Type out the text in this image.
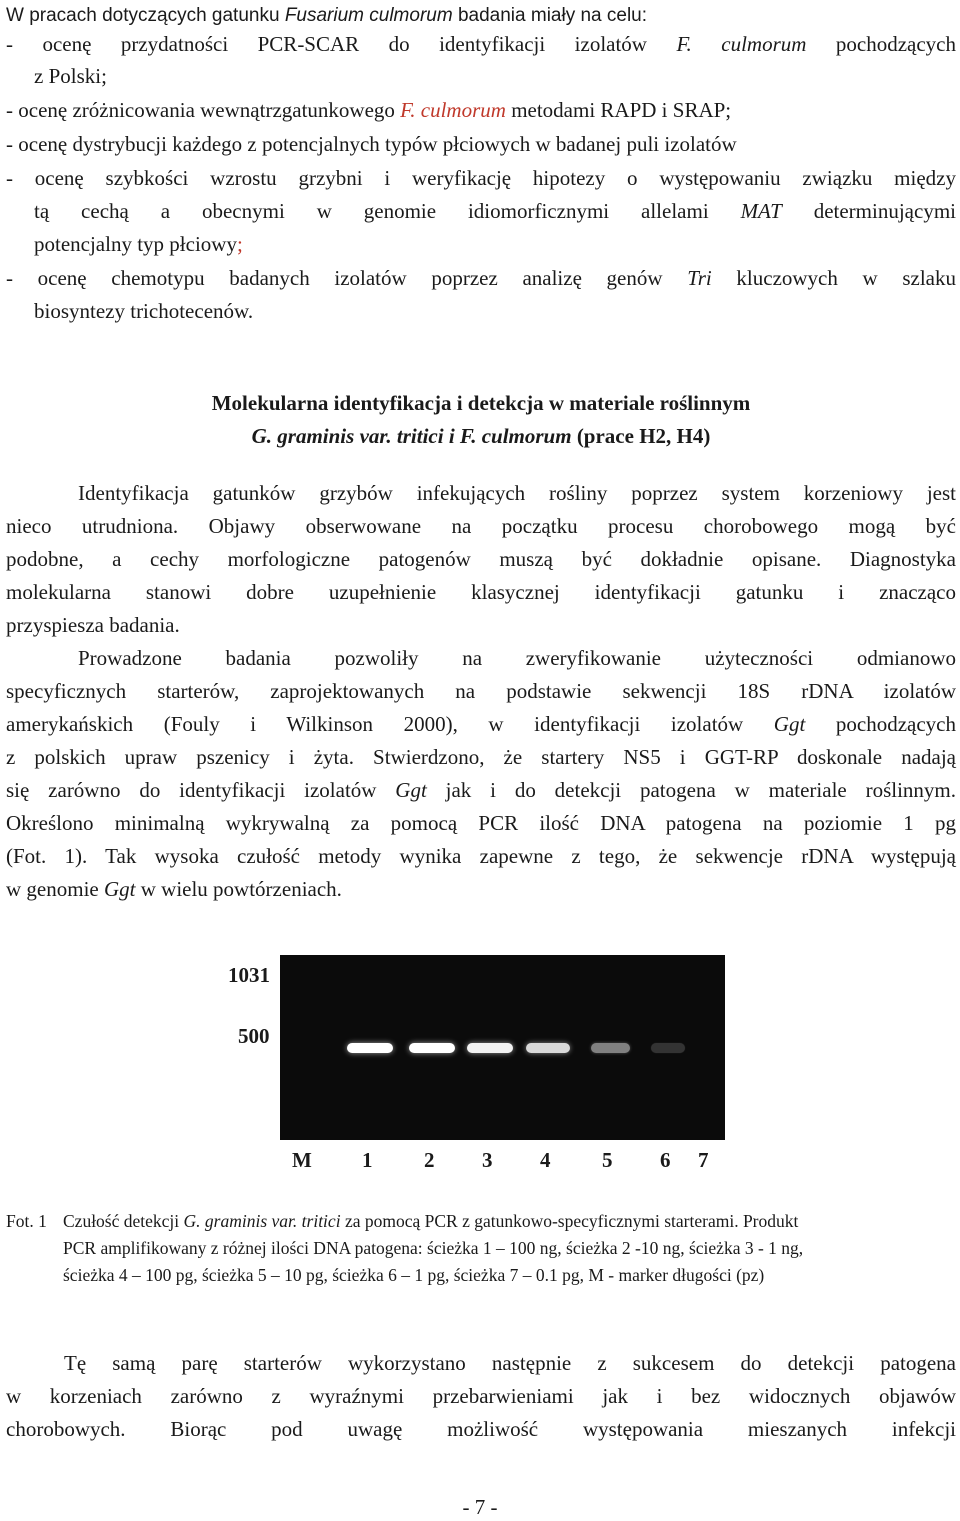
W pracach dotyczących gatunku Fusarium culmorum badania miały na celu:
- ocenę przydatności PCR-SCAR do identyfikacji izolatów F. culmorum pochodzących
z Polski;
- ocenę zróżnicowania wewnątrzgatunkowego F. culmorum metodami RAPD i SRAP;
- ocenę dystrybucji każdego z potencjalnych typów płciowych w badanej puli izolatów
- ocenę szybkości wzrostu grzybni i weryfikację hipotezy o występowaniu związku między
tą cechą a obecnymi w genomie idiomorficznymi allelami MAT determinującymi
potencjalny typ płciowy;
- ocenę chemotypu badanych izolatów poprzez analizę genów Tri kluczowych w szlaku
biosyntezy trichotecenów.
Molekularna identyfikacja i detekcja w materiale roślinnym
G. graminis var. tritici i F. culmorum (prace H2, H4)
Identyfikacja gatunków grzybów infekujących rośliny poprzez system korzeniowy jest
nieco utrudniona. Objawy obserwowane na początku procesu chorobowego mogą być
podobne, a cechy morfologiczne patogenów muszą być dokładnie opisane. Diagnostyka
molekularna stanowi dobre uzupełnienie klasycznej identyfikacji gatunku i znacząco
przyspiesza badania.
Prowadzone badania pozwoliły na zweryfikowanie użyteczności odmianowo
specyficznych starterów, zaprojektowanych na podstawie sekwencji 18S rDNA izolatów
amerykańskich (Fouly i Wilkinson 2000), w identyfikacji izolatów Ggt pochodzących
z polskich upraw pszenicy i żyta. Stwierdzono, że startery NS5 i GGT-RP doskonale nadają
się zarówno do identyfikacji izolatów Ggt jak i do detekcji patogena w materiale roślinnym.
Określono minimalną wykrywalną za pomocą PCR ilość DNA patogena na poziomie 1 pg
(Fot. 1). Tak wysoka czułość metody wynika zapewne z tego, że sekwencje rDNA występują
w genomie Ggt w wielu powtórzeniach.
1031
500
M 1 2 3 4 5 6 7
Fot. 1 Czułość detekcji G. graminis var. tritici za pomocą PCR z gatunkowo-specyficznymi starterami. Produkt
PCR amplifikowany z różnej ilości DNA patogena: ścieżka 1 – 100 ng, ścieżka 2 -10 ng, ścieżka 3 - 1 ng,
ścieżka 4 – 100 pg, ścieżka 5 – 10 pg, ścieżka 6 – 1 pg, ścieżka 7 – 0.1 pg, M - marker długości (pz)
Tę samą parę starterów wykorzystano następnie z sukcesem do detekcji patogena
w korzeniach zarówno z wyraźnymi przebarwieniami jak i bez widocznych objawów
chorobowych. Biorąc pod uwagę możliwość występowania mieszanych infekcji
- 7 -
